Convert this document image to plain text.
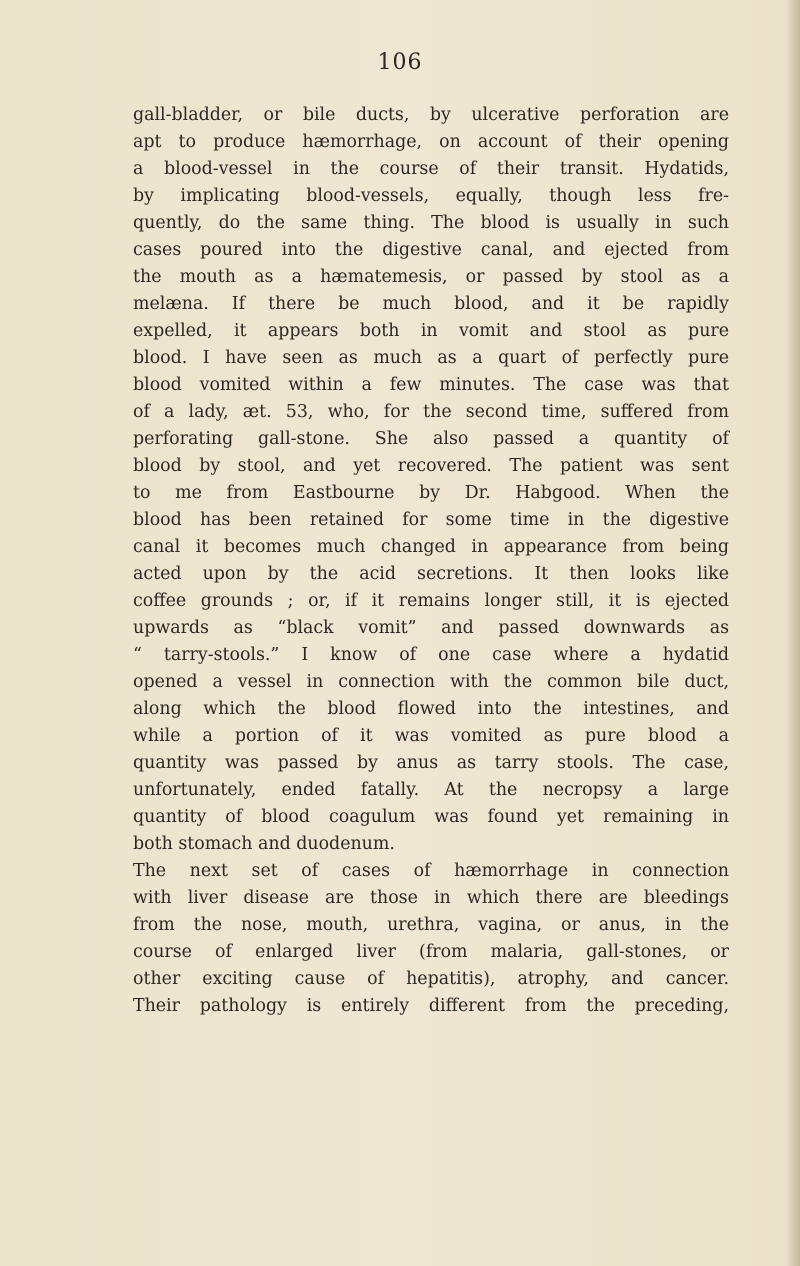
106
gall-bladder, or bile ducts, by ulcerative perforation are
apt to produce hæmorrhage, on account of their opening
a blood-vessel in the course of their transit. Hydatids,
by implicating blood-vessels, equally, though less fre-
quently, do the same thing. The blood is usually in such
cases poured into the digestive canal, and ejected from
the mouth as a hæmatemesis, or passed by stool as a
melæna. If there be much blood, and it be rapidly
expelled, it appears both in vomit and stool as pure
blood. I have seen as much as a quart of perfectly pure
blood vomited within a few minutes. The case was that
of a lady, æt. 53, who, for the second time, suffered from
perforating gall-stone. She also passed a quantity of
blood by stool, and yet recovered. The patient was sent
to me from Eastbourne by Dr. Habgood. When the
blood has been retained for some time in the digestive
canal it becomes much changed in appearance from being
acted upon by the acid secretions. It then looks like
coffee grounds ; or, if it remains longer still, it is ejected
upwards as “black vomit” and passed downwards as
“ tarry-stools.” I know of one case where a hydatid
opened a vessel in connection with the common bile duct,
along which the blood flowed into the intestines, and
while a portion of it was vomited as pure blood a
quantity was passed by anus as tarry stools. The case,
unfortunately, ended fatally. At the necropsy a large
quantity of blood coagulum was found yet remaining in
both stomach and duodenum.
The next set of cases of hæmorrhage in connection
with liver disease are those in which there are bleedings
from the nose, mouth, urethra, vagina, or anus, in the
course of enlarged liver (from malaria, gall-stones, or
other exciting cause of hepatitis), atrophy, and cancer.
Their pathology is entirely different from the preceding,
